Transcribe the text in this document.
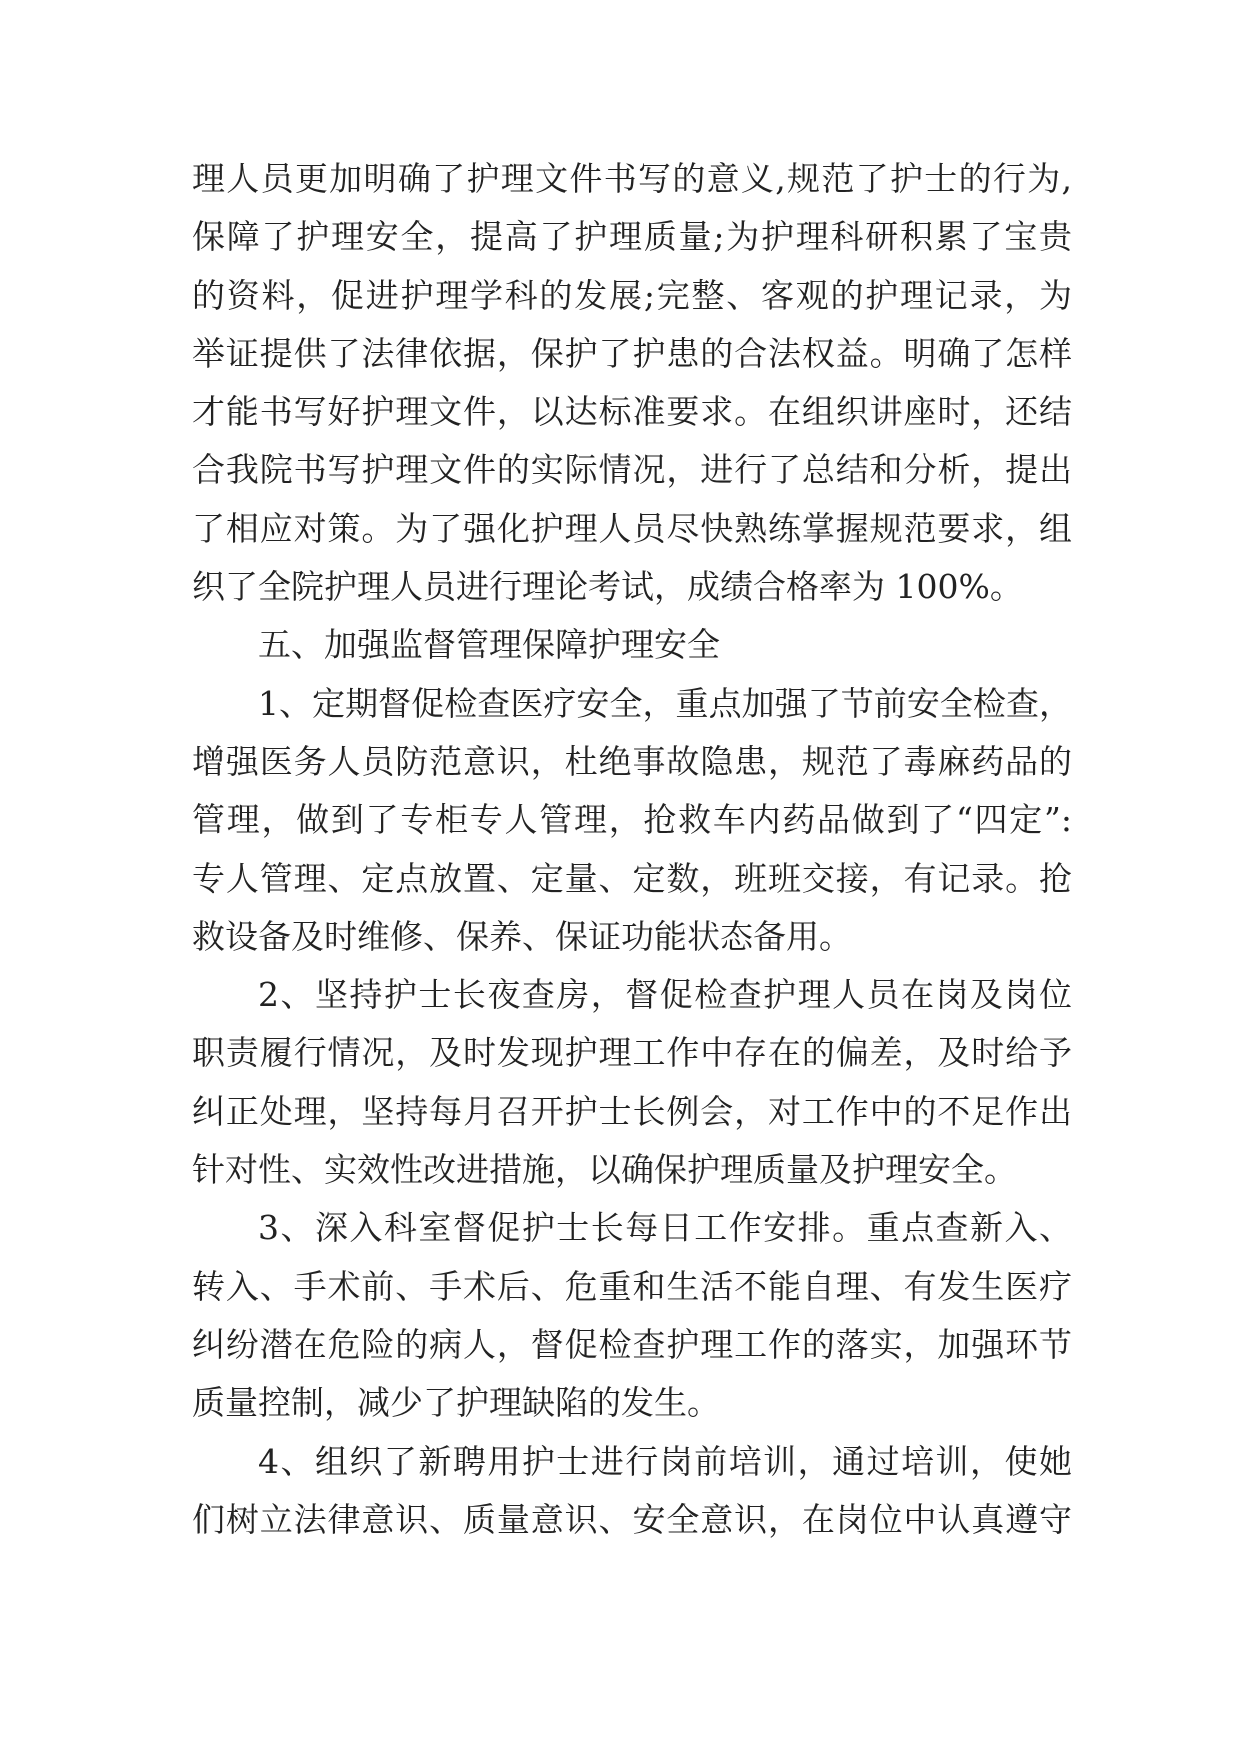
理人员更加明确了护理文件书写的意义,规范了护士的行为,
保障了护理安全，提高了护理质量;为护理科研积累了宝贵
的资料，促进护理学科的发展;完整、客观的护理记录，为
举证提供了法律依据，保护了护患的合法权益。明确了怎样
才能书写好护理文件，以达标准要求。在组织讲座时，还结
合我院书写护理文件的实际情况，进行了总结和分析，提出
了相应对策。为了强化护理人员尽快熟练掌握规范要求，组
织了全院护理人员进行理论考试，成绩合格率为 100%。
五、加强监督管理保障护理安全
1、定期督促检查医疗安全，重点加强了节前安全检查，
增强医务人员防范意识，杜绝事故隐患，规范了毒麻药品的
管理，做到了专柜专人管理，抢救车内药品做到了“四定”:
专人管理、定点放置、定量、定数，班班交接，有记录。抢
救设备及时维修、保养、保证功能状态备用。
2、坚持护士长夜查房，督促检查护理人员在岗及岗位
职责履行情况，及时发现护理工作中存在的偏差，及时给予
纠正处理，坚持每月召开护士长例会，对工作中的不足作出
针对性、实效性改进措施，以确保护理质量及护理安全。
3、深入科室督促护士长每日工作安排。重点查新入、
转入、手术前、手术后、危重和生活不能自理、有发生医疗
纠纷潜在危险的病人，督促检查护理工作的落实，加强环节
质量控制，减少了护理缺陷的发生。
4、组织了新聘用护士进行岗前培训，通过培训，使她
们树立法律意识、质量意识、安全意识，在岗位中认真遵守
